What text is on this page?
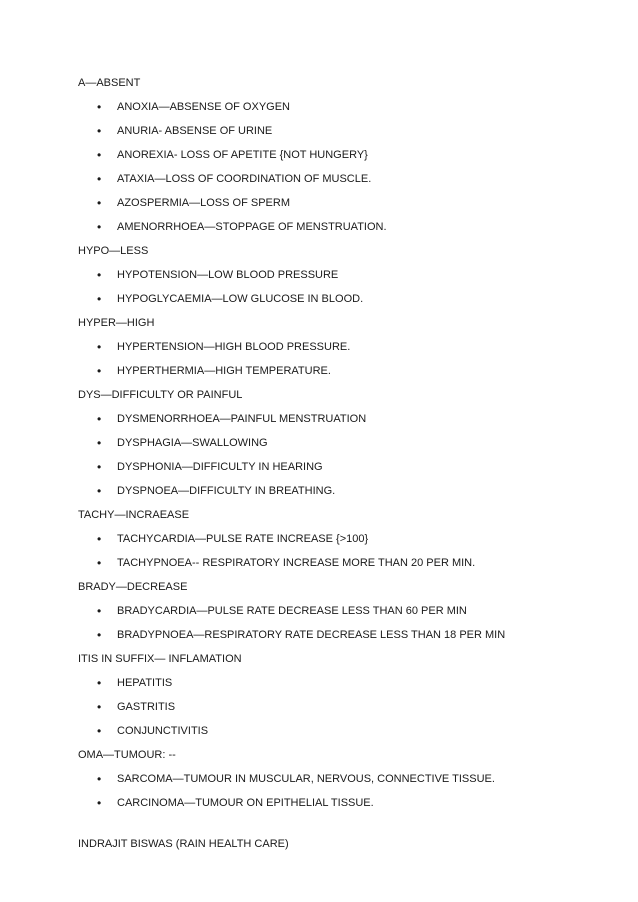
A—ABSENT
• ANOXIA—ABSENSE OF OXYGEN
• ANURIA- ABSENSE OF URINE
• ANOREXIA- LOSS OF APETITE {NOT HUNGERY}
• ATAXIA—LOSS OF COORDINATION OF MUSCLE.
• AZOSPERMIA—LOSS OF SPERM
• AMENORRHOEA—STOPPAGE OF MENSTRUATION.
HYPO—LESS
• HYPOTENSION—LOW BLOOD PRESSURE
• HYPOGLYCAEMIA—LOW GLUCOSE IN BLOOD.
HYPER—HIGH
• HYPERTENSION—HIGH BLOOD PRESSURE.
• HYPERTHERMIA—HIGH TEMPERATURE.
DYS—DIFFICULTY OR PAINFUL
• DYSMENORRHOEA—PAINFUL MENSTRUATION
• DYSPHAGIA—SWALLOWING
• DYSPHONIA—DIFFICULTY IN HEARING
• DYSPNOEA—DIFFICULTY IN BREATHING.
TACHY—INCRAEASE
• TACHYCARDIA—PULSE RATE INCREASE {>100}
• TACHYPNOEA-- RESPIRATORY INCREASE MORE THAN 20 PER MIN.
BRADY—DECREASE
• BRADYCARDIA—PULSE RATE DECREASE LESS THAN 60 PER MIN
• BRADYPNOEA—RESPIRATORY RATE DECREASE LESS THAN 18 PER MIN
ITIS IN SUFFIX— INFLAMATION
• HEPATITIS
• GASTRITIS
• CONJUNCTIVITIS
OMA—TUMOUR: --
• SARCOMA—TUMOUR IN MUSCULAR, NERVOUS, CONNECTIVE TISSUE.
• CARCINOMA—TUMOUR ON EPITHELIAL TISSUE.
INDRAJIT BISWAS (RAIN HEALTH CARE)
